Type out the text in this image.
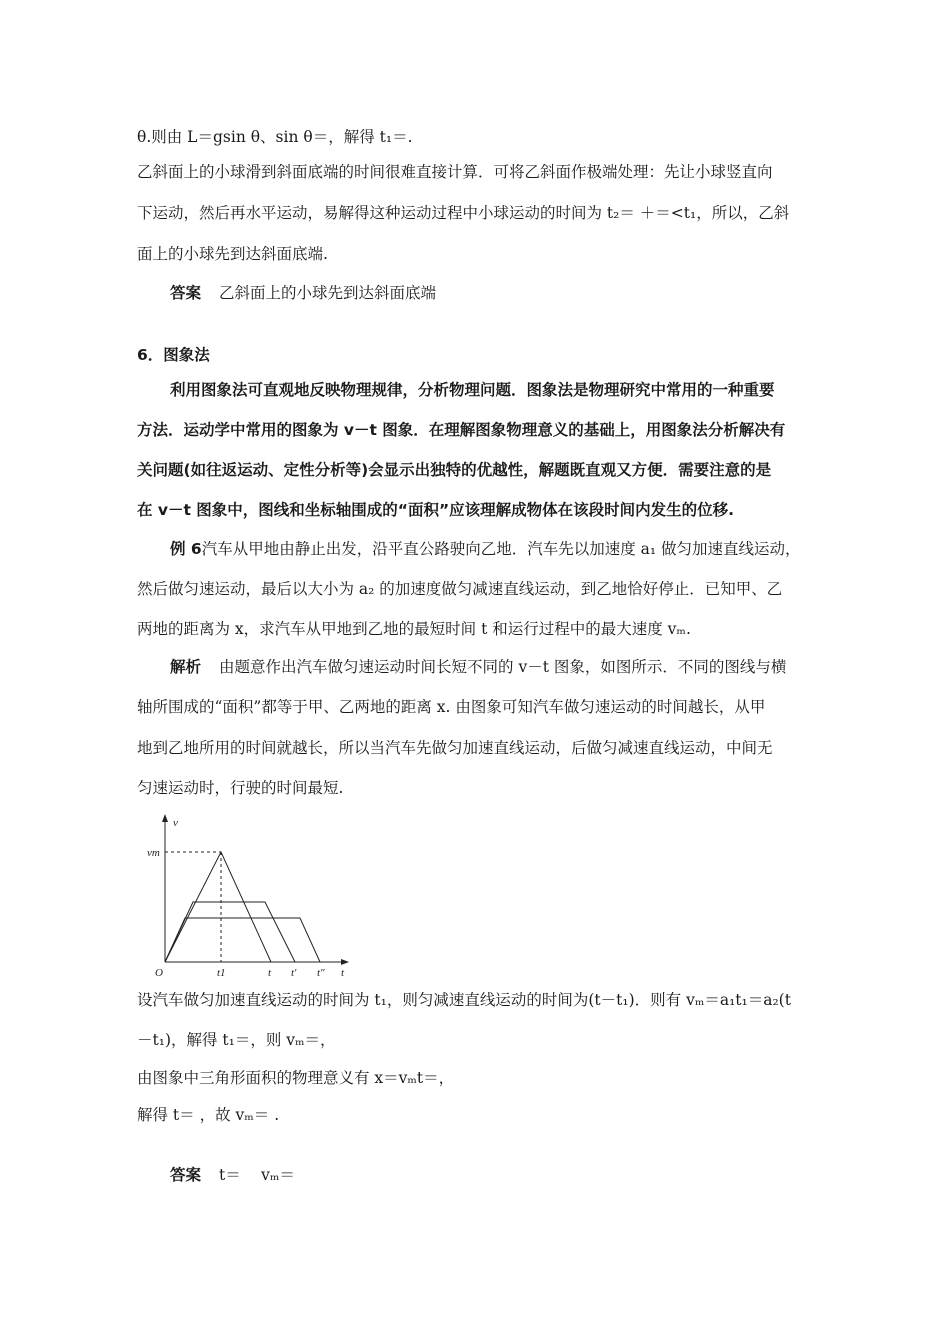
θ.则由 L＝gsin θ、sin θ＝，解得 t₁＝.
乙斜面上的小球滑到斜面底端的时间很难直接计算．可将乙斜面作极端处理：先让小球竖直向
下运动，然后再水平运动，易解得这种运动过程中小球运动的时间为 t₂＝ ＋＝<t₁，所以，乙斜
面上的小球先到达斜面底端.
答案 乙斜面上的小球先到达斜面底端
6．图象法
利用图象法可直观地反映物理规律，分析物理问题．图象法是物理研究中常用的一种重要
方法．运动学中常用的图象为 v－t 图象．在理解图象物理意义的基础上，用图象法分析解决有
关问题(如往返运动、定性分析等)会显示出独特的优越性，解题既直观又方便．需要注意的是
在 v－t 图象中，图线和坐标轴围成的“面积”应该理解成物体在该段时间内发生的位移.
例 6汽车从甲地由静止出发，沿平直公路驶向乙地．汽车先以加速度 a₁ 做匀加速直线运动，
然后做匀速运动，最后以大小为 a₂ 的加速度做匀减速直线运动，到乙地恰好停止．已知甲、乙
两地的距离为 x，求汽车从甲地到乙地的最短时间 t 和运行过程中的最大速度 vₘ.
解析 由题意作出汽车做匀速运动时间长短不同的 v－t 图象，如图所示．不同的图线与横
轴所围成的“面积”都等于甲、乙两地的距离 x. 由图象可知汽车做匀速运动的时间越长，从甲
地到乙地所用的时间就越长，所以当汽车先做匀加速直线运动，后做匀减速直线运动，中间无
匀速运动时，行驶的时间最短.
v
vm
O	t1	t t′ t″ t
设汽车做匀加速直线运动的时间为 t₁，则匀减速直线运动的时间为(t－t₁)．则有 vₘ＝a₁t₁＝a₂(t
－t₁)，解得 t₁＝，则 vₘ＝，
由图象中三角形面积的物理意义有 x＝vₘt＝，
解得 t＝ ，故 vₘ＝ .
答案 t＝　 vₘ＝
